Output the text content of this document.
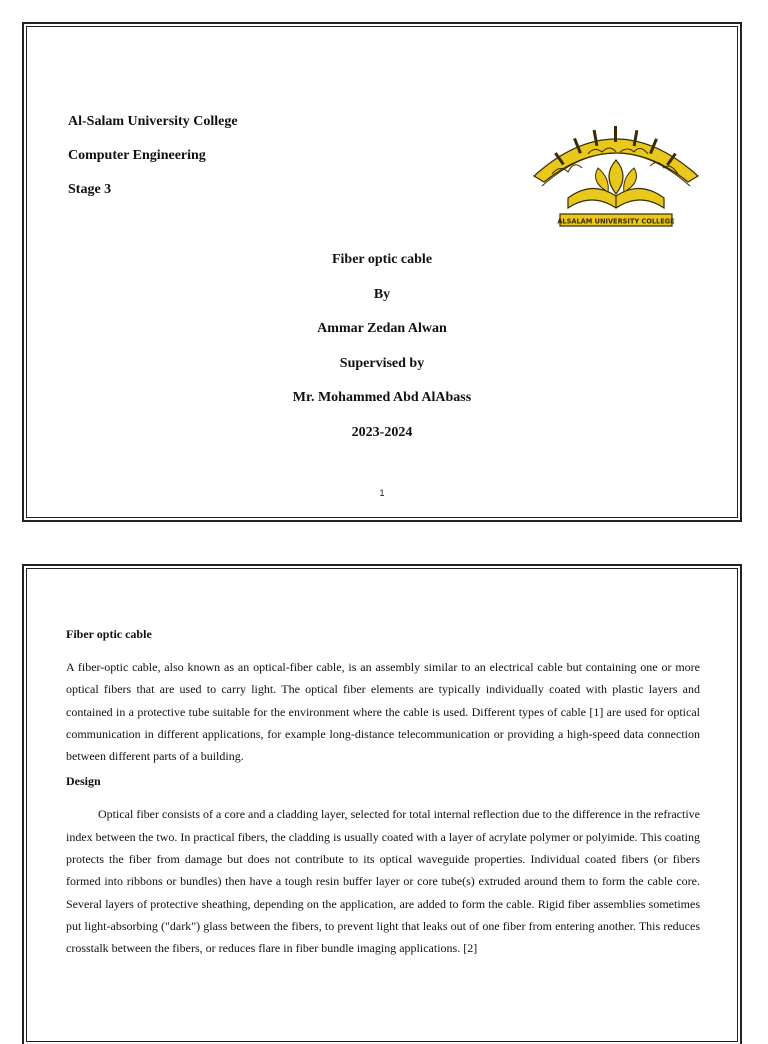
Al-Salam University College
Computer Engineering
Stage 3
ALSALAM UNIVERSITY COLLEGE
Fiber optic cable
By
Ammar Zedan Alwan
Supervised by
Mr. Mohammed Abd AlAbass
2023-2024
1
Fiber optic cable
A fiber-optic cable, also known as an optical-fiber cable, is an assembly similar to an electrical cable but containing one or more optical fibers that are used to carry light. The optical fiber elements are typically individually coated with plastic layers and contained in a protective tube suitable for the environment where the cable is used. Different types of cable [1] are used for optical communication in different applications, for example long-distance telecommunication or providing a high-speed data connection between different parts of a building.
Design
Optical fiber consists of a core and a cladding layer, selected for total internal reflection due to the difference in the refractive index between the two. In practical fibers, the cladding is usually coated with a layer of acrylate polymer or polyimide. This coating protects the fiber from damage but does not contribute to its optical waveguide properties. Individual coated fibers (or fibers formed into ribbons or bundles) then have a tough resin buffer layer or core tube(s) extruded around them to form the cable core. Several layers of protective sheathing, depending on the application, are added to form the cable. Rigid fiber assemblies sometimes put light-absorbing ("dark") glass between the fibers, to prevent light that leaks out of one fiber from entering another. This reduces crosstalk between the fibers, or reduces flare in fiber bundle imaging applications. [2]
